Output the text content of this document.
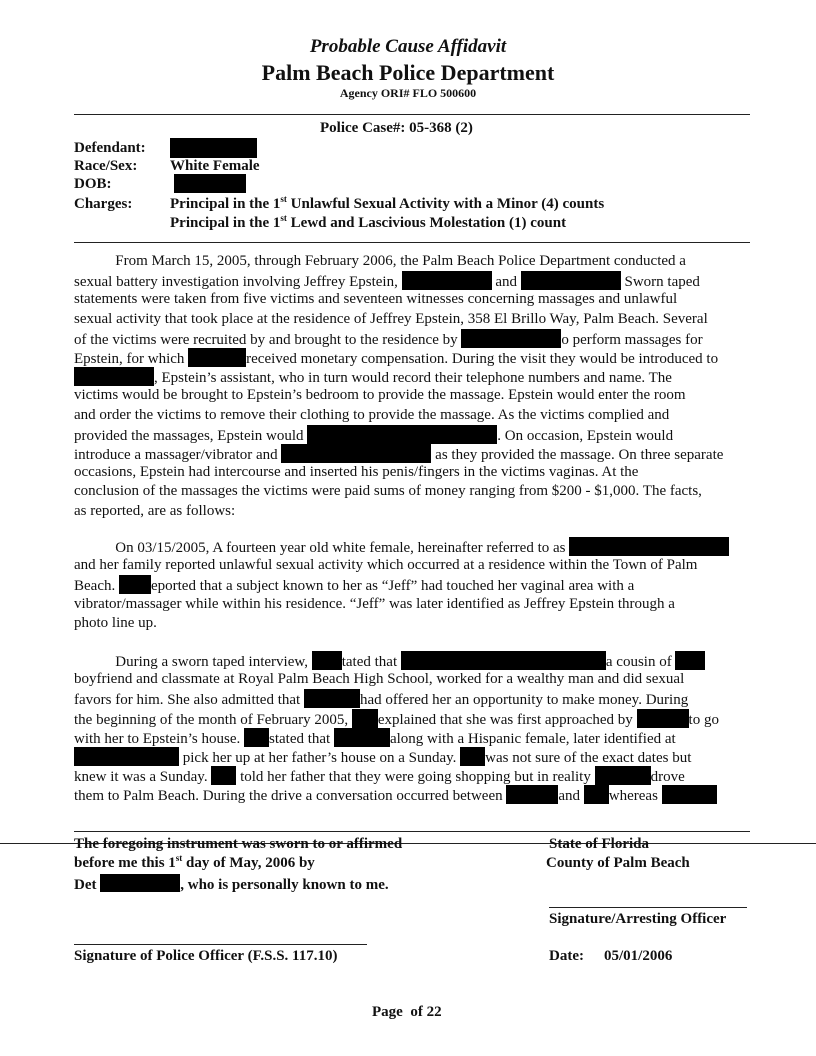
Probable Cause Affidavit
Palm Beach Police Department
Agency ORI# FLO 500600
Police Case#: 05-368 (2)
Defendant:
Race/Sex: White Female
DOB:
Charges:	Principal in the 1st Unlawful Sexual Activity with a Minor (4) counts
Principal in the 1st Lewd and Lascivious Molestation (1) count
From March 15, 2005, through February 2006, the Palm Beach Police Department conducted a
sexual battery investigation involving Jeffrey Epstein,	and	Sworn taped
statements were taken from five victims and seventeen witnesses concerning massages and unlawful
sexual activity that took place at the residence of Jeffrey Epstein, 358 El Brillo Way, Palm Beach. Several
of the victims were recruited by and brought to the residence by	o perform massages for
Epstein, for which	received monetary compensation. During the visit they would be introduced to
, Epstein’s assistant, who in turn would record their telephone numbers and name. The
victims would be brought to Epstein’s bedroom to provide the massage. Epstein would enter the room
and order the victims to remove their clothing to provide the massage. As the victims complied and
provided the massages, Epstein would	. On occasion, Epstein would
introduce a massager/vibrator and	as they provided the massage. On three separate
occasions, Epstein had intercourse and inserted his penis/fingers in the victims vaginas. At the
conclusion of the massages the victims were paid sums of money ranging from $200 - $1,000. The facts,
as reported, are as follows:
On 03/15/2005, A fourteen year old white female, hereinafter referred to as
and her family reported unlawful sexual activity which occurred at a residence within the Town of Palm
Beach. eported that a subject known to her as “Jeff” had touched her vaginal area with a
vibrator/massager while within his residence. “Jeff” was later identified as Jeffrey Epstein through a
photo line up.
During a sworn taped interview, tated that	a cousin of
boyfriend and classmate at Royal Palm Beach High School, worked for a wealthy man and did sexual
favors for him. She also admitted that	had offered her an opportunity to make money. During
the beginning of the month of February 2005, explained that she was first approached by	to go
with her to Epstein’s house. stated that	along with a Hispanic female, later identified at
pick her up at her father’s house on a Sunday. was not sure of the exact dates but
knew it was a Sunday.  told her father that they were going shopping but in reality	drove
them to Palm Beach. During the drive a conversation occurred between	and whereas
The foregoing instrument was sworn to or affirmed
before me this 1st day of May, 2006 by
Det	, who is personally known to me.
State of Florida
County of Palm Beach
Signature/Arresting Officer
Signature of Police Officer (F.S.S. 117.10)	Date: 05/01/2006
Page of 22
